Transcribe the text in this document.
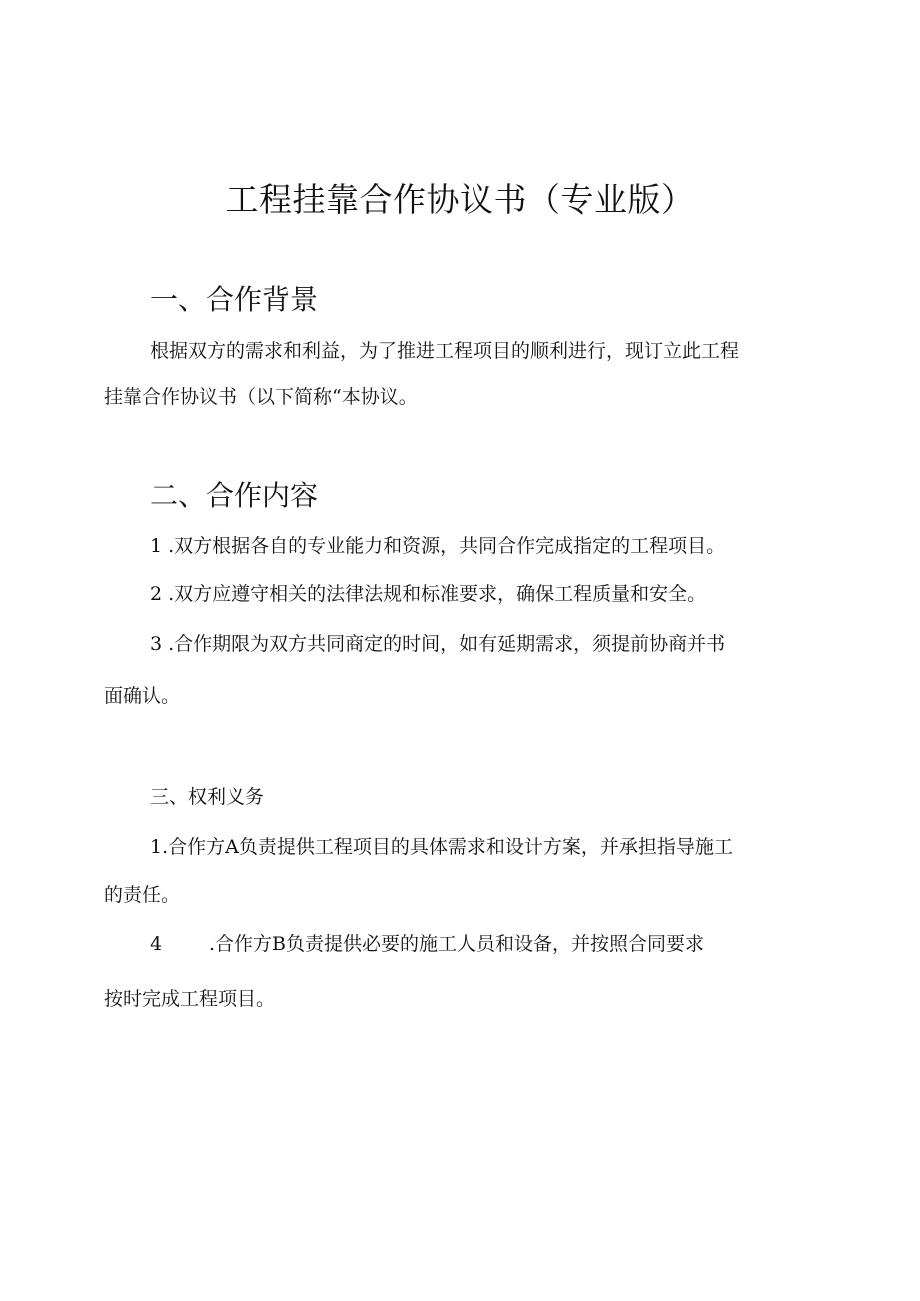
工程挂靠合作协议书（专业版）
一、合作背景
根据双方的需求和利益，为了推进工程项目的顺利进行，现订立此工程
挂靠合作协议书（以下简称“本协议。
二、合作内容
1 .双方根据各自的专业能力和资源，共同合作完成指定的工程项目。
2 .双方应遵守相关的法律法规和标准要求，确保工程质量和安全。
3 .合作期限为双方共同商定的时间，如有延期需求，须提前协商并书
面确认。
三、权利义务
1.合作方A负责提供工程项目的具体需求和设计方案，并承担指导施工
的责任。
4 .合作方B负责提供必要的施工人员和设备，并按照合同要求
按时完成工程项目。
